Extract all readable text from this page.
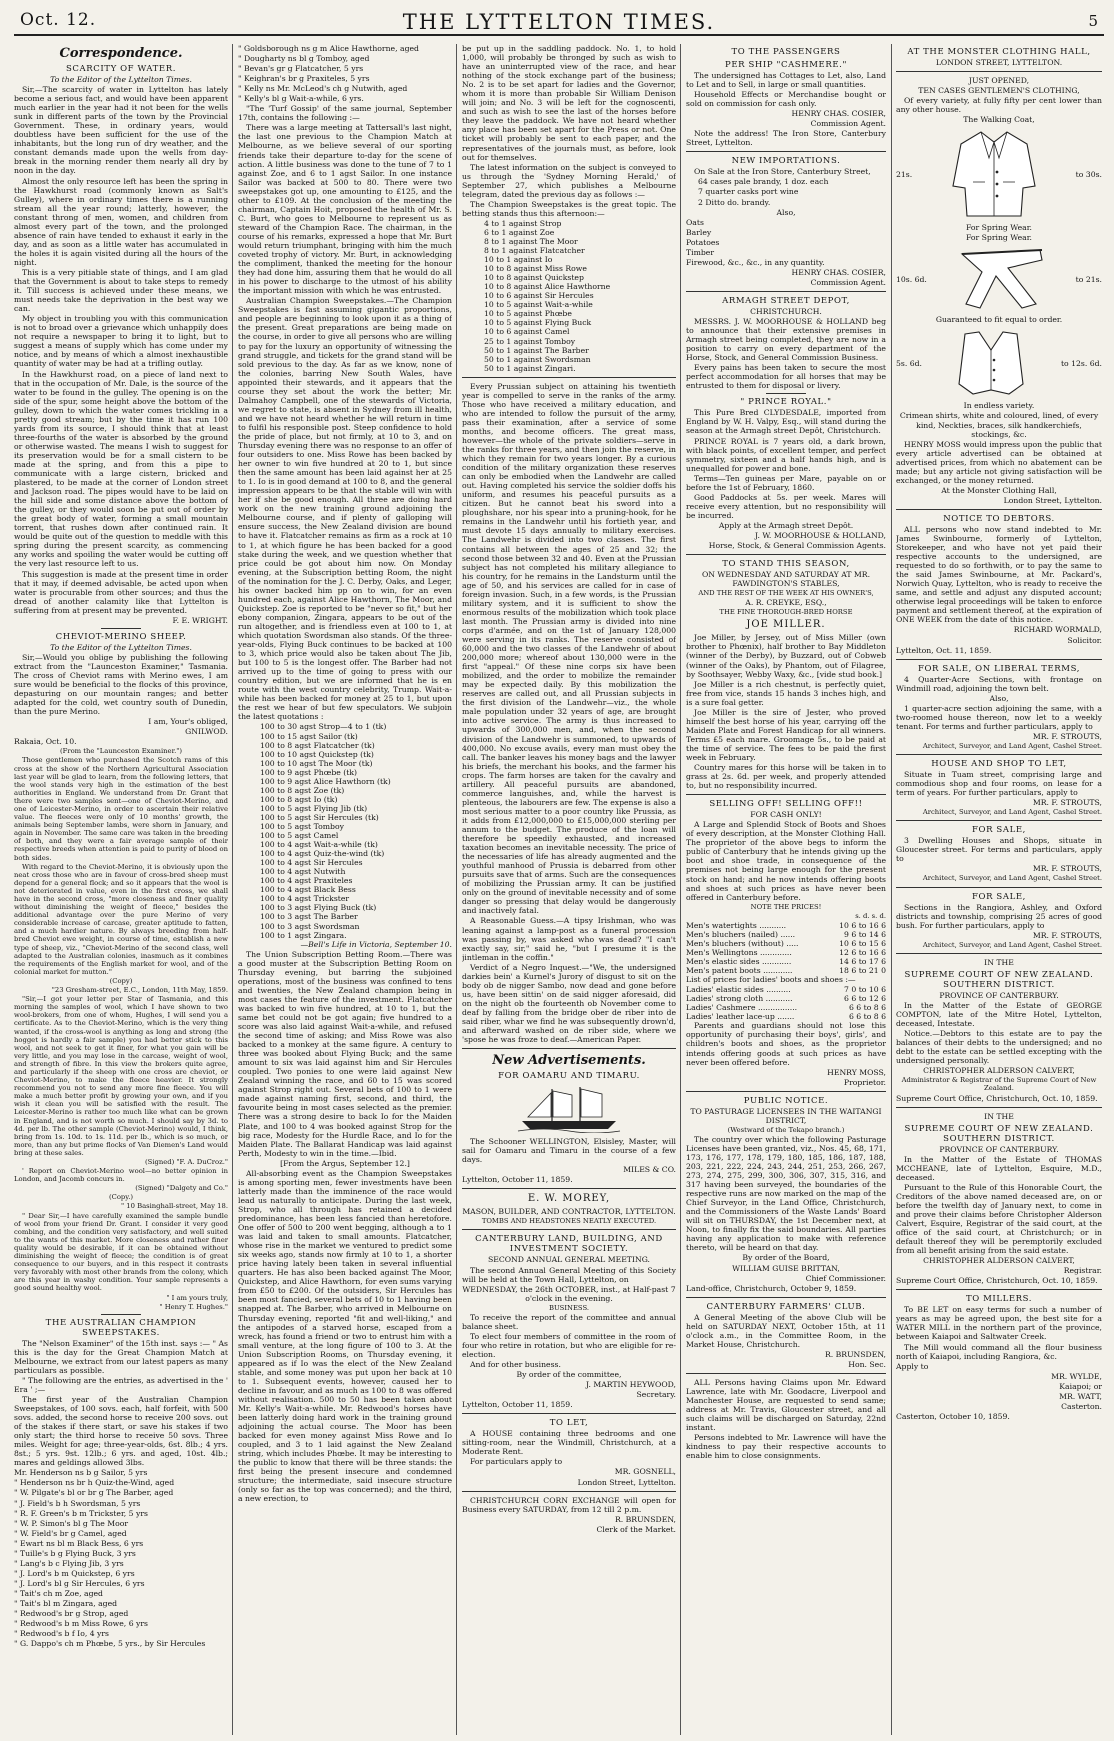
Oct. 12.	THE LYTTELTON TIMES.	5
Correspondence.
SCARCITY OF WATER.

To the Editor of the Lyttelton Times.

Sir,—The scarcity of water in Lyttelton has lately become a serious fact, and would have been apparent much earlier in the year had it not been for the wells sunk in different parts of the town by the Provincial Government. These, in ordinary years, would doubtless have been sufficient for the use of the inhabitants, but the long run of dry weather, and the constant demands made upon the wells from day-break in the morning render them nearly all dry by noon in the day.

Almost the only resource left has been the spring in the Hawkhurst road (commonly known as Salt's Gulley), where in ordinary times there is a running stream all the year round; latterly, however, the constant throng of men, women, and children from almost every part of the town, and the prolonged absence of rain have tended to exhaust it early in the day, and as soon as a little water has accumulated in the holes it is again visited during all the hours of the night.

This is a very pitiable state of things, and I am glad that the Government is about to take steps to remedy it. Till success is achieved under these means, we must needs take the deprivation in the best way we can.

My object in troubling you with this communication is not to broad over a grievance which unhappily does not require a newspaper to bring it to light, but to suggest a means of supply which has come under my notice, and by means of which a almost inexhaustible quantity of water may be had at a trifling outlay.

In the Hawkhurst road, on a piece of land next to that in the occupation of Mr. Dale, is the source of the water to be found in the gulley. The opening is on the side of the spur, some height above the bottom of the gulley, down to which the water comes trickling in a pretty good stream; but by the time it has run 100 yards from its source, I should think that at least three-fourths of the water is absorbed by the ground or otherwise wasted. The means I wish to suggest for its preservation would be for a small cistern to be made at the spring, and from this a pipe to communicate with a large cistern, bricked and plastered, to be made at the corner of London street and Jackson road. The pipes would have to be laid on the hill side and some distance above the bottom of the gulley, or they would soon be put out of order by the great body of water, forming a small mountain torrent, that rushes down after continued rain. It would be quite out of the question to meddle with this spring during the present scarcity, as commencing any works and spoiling the water would be cutting off the very last resource left to us.

This suggestion is made at the present time in order that it may, if deemed advisable, be acted upon when water is procurable from other sources; and thus the dread of another calamity like that Lyttelton is suffering from at present may be prevented.

F. E. WRIGHT.

CHEVIOT-MERINO SHEEP.

To the Editor of the Lyttelton Times.

Sir,—Would you oblige by publishing the following extract from the "Launceston Examiner," Tasmania. The cross of Cheviot rams with Merino ewes, I am sure would be beneficial to the flocks of this province, depasturing on our mountain ranges; and better adapted for the cold, wet country south of Dunedin, than the pure Merino.

I am, Your's obliged,

GNILWOD.

Rakaia, Oct. 10.

(From the "Launceston Examiner.")

Those gentlemen who purchased the Scotch rams of this cross at the show of the Northern Agricultural Association last year will be glad to learn, from the following letters, that the wool stands very high in the estimation of the best authorities in England. We understand from Dr. Grant that there were two samples sent—one of Cheviot-Merino, and one of Leicester-Merino, in order to ascertain their relative value. The fleeces were only of 10 months' growth, the animals being September lambs, were shorn in January, and again in November. The same care was taken in the breeding of both, and they were a fair average sample of their respective breeds when attention is paid to purity of blood on both sides.

With regard to the Cheviot-Merino, it is obviously upon the neat cross those who are in favour of cross-bred sheep must depend for a general flock; and so it appears that the wool is not deteriorated in value, even in the first cross, we shall have in the second cross, "more closeness and finer quality without diminishing the weight of fleece," besides the additional advantage over the pure Merino of very considerable increase of carcase, greater aptitude to fatten, and a much hardier nature. By always breeding from half-bred Cheviot ewe weight, in course of time, establish a new type of sheep, viz., "Cheviot-Merino of the second class, well adapted to the Australian colonies, inasmuch as it combines the requirements of the English market for wool, and of the colonial market for mutton."

(Copy)

"23 Gresham-street, E.C., London, 11th May, 1859.

"Sir,—I got your letter per Star of Tasmania, and this morning the samples of wool, which I have shown to two wool-brokers, from one of whom, Hughes, I will send you a certificate. As to the Cheviot-Merino, which is the very thing wanted, if the cross-wool is anything as long and strong (the hogget is hardly a fair sample) you had better stick to this wool, and not seek to get it finer, for what you gain will be very little, and you may lose in the carcase, weight of wool, and strength of fibre. In this view the brokers quite agree, and particularly if the sheep with one cross are cheviot, or Cheviot-Merino, to make the fleece heavier. It strongly recommend you not to send any more fine fleece. You will make a much better profit by growing your own, and if you wish it clean you will be satisfied with the result. The Leicester-Merino is rather too much like what can be grown in England, and is not worth so much. I should say by 3d. to 4d. per lb. The other sample (Cheviot-Merino) would, I think, bring from 1s. 10d. to 1s. 11d. per lb., which is so much, or more, than any but prime flocks of Van Diemen's Land would bring at these sales.

(Signed) "F. A. DuCroz."

' Report on Cheviot-Merino wool—no better opinion in London, and Jacomb concurs in.

(Signed) "Dalgety and Co."

(Copy.)

" 10 Basinghall-street, May 18.

" Dear Sir,—I have carefully examined the sample bundle of wool from your friend Dr. Grant. I consider it very good combing, and the condition very satisfactory, and well suited to the wants of this market. More closeness and rather finer quality would be desirable, if it can be obtained without diminishing the weight of fleece; the condition is of great consequence to our buyers, and in this respect it contrasts very favorably with most other brands from the colony, which are this year in washy condition. Your sample represents a good sound healthy wool.

" I am yours truly,

" Henry T. Hughes."

THE AUSTRALIAN CHAMPION SWEEPSTAKES.

The "Nelson Examiner" of the 15th inst. says :— " As this is the day for the Great Champion Match at Melbourne, we extract from our latest papers as many particulars as possible.

" The following are the entries, as advertised in the ' Era ' ;—

The first year of the Australian Champion Sweepstakes, of 100 sovs. each, half forfeit, with 500 sovs. added, the second horse to receive 200 sovs. out of the stakes if there start, or save his stakes if two only start; the third horse to receive 50 sovs. Three miles. Weight for age; three-year-olds, 6st. 8lb.; 4 yrs. 8st.; 5 yrs. 9st. 12lb.; 6 yrs. and aged, 10st. 4lb.; mares and geldings allowed 3lbs.

Mr. Henderson ns b g Sailor, 5 yrs

" Henderson ns br h Quiz-the-Wind, aged

" W. Pilgate's bl or br g The Barber, aged

" J. Field's b h Swordsman, 5 yrs

" R. F. Green's b m Trickster, 5 yrs

" W. P. Simon's bl g The Moor

" W. Field's br g Camel, aged

" Ewart ns bl m Black Bess, 6 yrs

" Tuille's b g Flying Buck, 3 yrs

" Lang's b c Flying Jib, 3 yrs

" J. Lord's b m Quickstep, 6 yrs

" J. Lord's bl g Sir Hercules, 6 yrs

" Tait's ch m Zoe, aged

" Tait's bl m Zingara, aged

" Redwood's br g Strop, aged

" Redwood's b m Miss Rowe, 6 yrs

" Redwood's b f Io, 4 yrs

" G. Dappo's ch m Phœbe, 5 yrs., by Sir Hercules

" Goldsborough ns g m Alice Hawthorne, aged

" Dougharty ns bl g Tomboy, aged

" Bevan's gr g Flatcatcher, 5 yrs

" Keighran's br g Praxiteles, 5 yrs

" Kelly ns Mr. McLeod's ch g Nutwith, aged

" Kelly's bl g Wait-a-while, 6 yrs.

"The 'Turf Gossip' of the same journal, September 17th, contains the following :—

There was a large meeting at Tattersall's last night, the last one previous to the Champion Match at Melbourne, as we believe several of our sporting friends take their departure to-day for the scene of action. A little business was done to the tune of 7 to 1 against Zoe, and 6 to 1 agst Sailor. In one instance Sailor was backed at 500 to 80. There were two sweepstakes got up, one amounting to £125, and the other to £109. At the conclusion of the meeting the chairman, Captain Hoit, proposed the health of Mr. S. C. Burt, who goes to Melbourne to represent us as steward of the Champion Race. The chairman, in the course of his remarks, expressed a hope that Mr. Burt would return triumphant, bringing with him the much coveted trophy of victory. Mr. Burt, in acknowledging the compliment, thanked the meeting for the honour they had done him, assuring them that he would do all in his power to discharge to the utmost of his ability the important mission with which he was entrusted.

Australian Champion Sweepstakes.—The Champion Sweepstakes is fast assuming gigantic proportions, and people are beginning to look upon it as a thing of the present. Great preparations are being made on the course, in order to give all persons who are willing to pay for the luxury an opportunity of witnessing the grand struggle, and tickets for the grand stand will be sold previous to the day. As far as we know, none of the colonies, barring New South Wales, have appointed their stewards, and it appears that the course they set about the work the better; Mr. Dalmahoy Campbell, one of the stewards of Victoria, we regret to state, is absent in Sydney from ill health, and we have not heard whether he will return in time to fulfil his responsible post. Steep confidence to hold the pride of place, but not firmly, at 10 to 3, and on Thursday evening there was no response to an offer of four outsiders to one. Miss Rowe has been backed by her owner to win five hundred at 20 to 1, but since then the same amount has been laid against her at 25 to 1. Io is in good demand at 100 to 8, and the general impression appears to be that the stable will win with her if she be good enough. All three are doing hard work on the new training ground adjoining the Melbourne course, and if plenty of galloping will ensure success, the New Zealand division are bound to have it. Flatcatcher remains as firm as a rock at 10 to 1, at which figure he has been backed for a good stake during the week, and we question whether that price could be got about him now. On Monday evening, at the Subscription betting Room, the night of the nomination for the J. C. Derby, Oaks, and Leger, his owner backed him pp on to win, for an even hundred each, against Alice Hawthorn, The Moor, and Quickstep. Zoe is reported to be "never so fit," but her ebony companion, Zingara, appears to be out of the run altogether, and is friendless even at 100 to 1, at which quotation Swordsman also stands. Of the three-year-olds, Flying Buck continues to be backed at 100 to 3, which price would also be taken about The Jib, but 100 to 5 is the longest offer. The Barber had not arrived up to the time of going to press with our country edition, but we are informed that he is en route with the west country celebrity, Trump. Wait-a-while has been backed for money at 25 to 1, but upon the rest we hear of but few speculators. We subjoin the latest quotations :

100 to 30 agst Strop—4 to 1 (tk)
100 to 15 agst Sailor (tk)
100 to 8 agst Flatcatcher (tk)
100 to 10 agst Quickstep (tk)
100 to 10 agst The Moor (tk)
100 to 9 agst Phœbe (tk)
100 to 9 agst Alice Hawthorn (tk)
100 to 8 agst Zoe (tk)
100 to 8 agst Io (tk)
100 to 5 agst Flying Jib (tk)
100 to 5 agst Sir Hercules (tk)
100 to 5 agst Tomboy
100 to 5 agst Camel
100 to 4 agst Wait-a-while (tk)
100 to 4 agst Quiz-the-wind (tk)
100 to 4 agst Sir Hercules
100 to 4 agst Nutwith
100 to 4 agst Praxiteles
100 to 4 agst Black Bess
100 to 4 agst Trickster
100 to 3 agst Flying Buck (tk)
100 to 3 agst The Barber
100 to 3 agst Swordsman
100 to 1 agst Zingara.

—Bell's Life in Victoria, September 10.

The Union Subscription Betting Room.—There was a good muster at the Subscription Betting Room on Thursday evening, but barring the subjoined operations, most of the business was confined to tens and twenties, the New Zealand champion being in most cases the feature of the investment. Flatcatcher was backed to win five hundred, at 10 to 1, but the same bet could not be got again; five hundred to a score was also laid against Wait-a-while, and refused the second time of asking; and Miss Rowe was also backed to a monkey at the same figure. A century to three was booked about Flying Buck; and the same amount to six was laid against him and Sir Hercules coupled. Two ponies to one were laid against New Zealand winning the race, and 60 to 15 was scored against Strop right out. Several bets of 100 to 1 were made against naming first, second, and third, the favourite being in most cases selected as the premier. There was a strong desire to back Io for the Maiden Plate, and 100 to 4 was booked against Strop for the big race, Modesty for the Hurdle Race, and Io for the Maiden Plate. The Ballarat Handicap was laid against Perth, Modesty to win in the time.—Ibid.

[From the Argus, September 12.]

All-absorbing event as the Champion Sweepstakes is among sporting men, fewer investments have been latterly made than the imminence of the race would lead us naturally to anticipate. During the last week, Strop, who all through has retained a decided predominance, has been less fancied than heretofore. One offer of 500 to 200 went begging, although a to 1 was laid and taken to small amounts. Flatcatcher, whose rise in the market we ventured to predict some six weeks ago, stands now firmly at 10 to 1, a shorter price having lately been taken in several influential quarters. He has also been backed against The Moor, Quickstep, and Alice Hawthorn, for even sums varying from £50 to £200. Of the outsiders, Sir Hercules has been most fancied, several bets of 10 to 1 having been snapped at. The Barber, who arrived in Melbourne on Thursday evening, reported "fit and well-liking," and the antipodes of a starved horse, escaped from a wreck, has found a friend or two to entrust him with a small venture, at the long figure of 100 to 3. At the Union Subscription Rooms, on Thursday evening, it appeared as if Io was the elect of the New Zealand stable, and some money was put upon her back at 10 to 1. Subsequent events, however, caused her to decline in favour, and as much as 100 to 8 was offered without realisation. 500 to 50 has been taken about Mr. Kelly's Wait-a-while. Mr. Redwood's horses have been latterly doing hard work in the training ground adjoining the actual course. The Moor has been backed for even money against Miss Rowe and Io coupled, and 3 to 1 laid against the New Zealand string, which includes Phœbe. It may be interesting to the public to know that there will be three stands: the first being the present insecure and condemned structure; the intermediate, said insecure structure (only so far as the top was concerned); and the third, a new erection, to

be put up in the saddling paddock. No. 1, to hold 1,000, will probably be thronged by such as wish to have an uninterrupted view of the race, and hear nothing of the stock exchange part of the business; No. 2 is to be set apart for ladies and the Governor, whom it is more than probable Sir William Denison will join; and No. 3 will be left for the cognoscenti, and such as wish to see the last of the horses before they leave the paddock. We have not heard whether any place has been set apart for the Press or not. One ticket will probably be sent to each paper, and the representatives of the journals must, as before, look out for themselves.

The latest information on the subject is conveyed to us through the 'Sydney Morning Herald,' of September 27, which publishes a Melbourne telegram, dated the previous day as follows :—

The Champion Sweepstakes is the great topic. The betting stands thus this afternoon:—

4 to 1 against Strop
6 to 1 against Zoe
8 to 1 against The Moor
8 to 1 against Flatcatcher
10 to 1 against Io
10 to 8 against Miss Rowe
10 to 8 against Quickstep
10 to 8 against Alice Hawthorne
10 to 6 against Sir Hercules
10 to 5 against Wait-a-while
10 to 5 against Phœbe
10 to 5 against Flying Buck
10 to 6 against Camel
25 to 1 against Tomboy
50 to 1 against The Barber
50 to 1 against Swordsman
50 to 1 against Zingari.

Every Prussian subject on attaining his twentieth year is compelled to serve in the ranks of the army. Those who have received a military education, and who are intended to follow the pursuit of the army, pass their examination, after a service of some months, and become officers. The great mass, however—the whole of the private soldiers—serve in the ranks for three years, and then join the reserve, in which they remain for two years longer. By a curious condition of the military organization these reserves can only be embodied when the Landwehr are called out. Having completed his service the soldier doffs his uniform, and resumes his peaceful pursuits as a citizen. But he cannot beat his sword into a ploughshare, nor his spear into a pruning-hook, for he remains in the Landwehr until his fortieth year, and must devote 15 days annually to military exercises. The Landwehr is divided into two classes. The first contains all between the ages of 25 and 32; the second those between 32 and 40. Even at the Prussian subject has not completed his military allegiance to his country, for he remains in the Landsturm until the age of 50, and his services are called for in case of foreign invasion. Such, in a few words, is the Prussian military system, and it is sufficient to show the enormous results of the mobilization which took place last month. The Prussian army is divided into nine corps d'armée, and on the 1st of January 128,000 were serving in its ranks. The reserve consisted of 60,000 and the two classes of the Landwehr of about 200,000 more; whereof about 130,000 were in the first "appeal." Of these nine corps six have been mobilized, and the order to mobilize the remainder may be expected daily. By this mobilization the reserves are called out, and all Prussian subjects in the first division of the Landwehr—viz., the whole male population under 32 years of age, are brought into active service. The army is thus increased to upwards of 300,000 men, and, when the second division of the Landwehr is summoned, to upwards of 400,000. No excuse avails, every man must obey the call. The banker leaves his money bags and the lawyer his briefs, the merchant his books, and the farmer his crops. The farm horses are taken for the cavalry and artillery. All peaceful pursuits are abandoned, commerce languishes, and, while the harvest is plenteous, the labourers are few. The expense is also a most serious matter to a poor country like Prussia, as it adds from £12,000,000 to £15,000,000 sterling per annum to the budget. The produce of the loan will therefore be speedily exhausted, and increased taxation becomes an inevitable necessity. The price of the necessaries of life has already augmented and the youthful manhood of Prussia is debarred from other pursuits save that of arms. Such are the consequences of mobilizing the Prussian army. It can be justified only on the ground of inevitable necessity and of some danger so pressing that delay would be dangerously and inactively fatal.

A Reasonable Guess.—A tipsy Irishman, who was leaning against a lamp-post as a funeral procession was passing by, was asked who was dead? "I can't exactly say, sir," said he, "but I presume it is the jintleman in the coffin."

Verdict of a Negro Inquest.—"We, the undersigned darkies bein' a Kurnel's Jurory of disgust to sit on the body ob de nigger Sambo, now dead and gone before us, have been sittin' on de said nigger aforesaid, did on the night ob the fourteenth ob November come to deaf by falling from the bridge ober de riber into de said riber, whar we find he was subsequently drown'd, and afterward washed on de riber side, where we 'spose he was froze to deaf.—American Paper.

New Advertisements.
FOR OAMARU AND TIMARU.

The Schooner WELLINGTON, Elsisley, Master, will sail for Oamaru and Timaru in the course of a few days.

MILES & CO.

Lyttelton, October 11, 1859.

E. W. MOREY,

MASON, BUILDER, AND CONTRACTOR, LYTTELTON.

TOMBS AND HEADSTONES NEATLY EXECUTED.

CANTERBURY LAND, BUILDING, AND INVESTMENT SOCIETY.

SECOND ANNUAL GENERAL MEETING.

The second Annual General Meeting of this Society will be held at the Town Hall, Lyttelton, on

WEDNESDAY, the 26th OCTOBER, inst., at Half-past 7 o'clock in the evening.

BUSINESS.

To receive the report of the committee and annual balance sheet.

To elect four members of committee in the room of four who retire in rotation, but who are eligible for re-election.

And for other business.

By order of the committee,

J. MARTIN HEYWOOD,

Secretary.

Lyttelton, October 11, 1859.

TO LET,

A HOUSE containing three bedrooms and one sitting-room, near the Windmill, Christchurch, at a Moderate Rent.

For particulars apply to

MR. GOSNELL,

London Street, Lyttelton.

CHRISTCHURCH CORN EXCHANGE will open for Business every SATURDAY, from 12 till 2 p.m.

R. BRUNSDEN,

Clerk of the Market.

TO THE PASSENGERS
PER SHIP "CASHMERE."

The undersigned has Cottages to Let, also, Land to Let and to Sell, in large or small quantities.

Household Effects or Merchandise bought or sold on commission for cash only.

HENRY CHAS. COSIER,

Commission Agent.

Note the address! The Iron Store, Canterbury Street, Lyttelton.

NEW IMPORTATIONS.

On Sale at the Iron Store, Canterbury Street,

64 cases pale brandy, 1 doz. each

7 quarter casks port wine

2 Ditto do. brandy.

Also,

Oats

Barley

Potatoes

Timber

Firewood, &c., &c., in any quantity.

HENRY CHAS. COSIER,

Commission Agent.

ARMAGH STREET DEPOT,

CHRISTCHURCH.

MESSRS. J. W. MOORHOUSE & HOLLAND beg to announce that their extensive premises in Armagh street being completed, they are now in a position to carry on every department of the Horse, Stock, and General Commission Business.

Every pains has been taken to secure the most perfect accommodation for all horses that may be entrusted to them for disposal or livery.

" PRINCE ROYAL."

This Pure Bred CLYDESDALE, imported from England by W. H. Valpy, Esq., will stand during the season at the Armagh street Depôt, Christchurch.

PRINCE ROYAL is 7 years old, a dark brown, with black points, of excellent temper, and perfect symmetry, sixteen and a half hands high, and is unequalled for power and bone.

Terms—Ten guineas per Mare, payable on or before the 1st of February, 1860.

Good Paddocks at 5s. per week. Mares will receive every attention, but no responsibility will be incurred.

Apply at the Armagh street Depôt.

J. W. MOORHOUSE & HOLLAND,

Horse, Stock, & General Commission Agents.

TO STAND THIS SEASON,

ON WEDNESDAY AND SATURDAY AT MR. FAWDINGTON'S STABLES,

AND THE REST OF THE WEEK AT HIS OWNER'S,

A. R. CREYKE, ESQ.,

THE FINE THOROUGH-BRED HORSE

JOE MILLER.

Joe Miller, by Jersey, out of Miss Miller (own brother to Phœnix), half brother to Bay Middleton (winner of the Derby), by Buzzard, out of Cobweb (winner of the Oaks), by Phantom, out of Filagree, by Soothsayer, Webby Waxy, &c., [vide stud book.]

Joe Miller is a rich chestnut, is perfectly quiet, free from vice, stands 15 hands 3 inches high, and is a sure foal getter.

Joe Miller is the sire of Jester, who proved himself the best horse of his year, carrying off the Maiden Plate and Forest Handicap for all winners. Terms £5 each mare. Groomage 5s., to be paid at the time of service. The fees to be paid the first week in February.

Country mares for this horse will be taken in to grass at 2s. 6d. per week, and properly attended to, but no responsibility incurred.

SELLING OFF! SELLING OFF!!

FOR CASH ONLY!

A Large and Splendid Stock of Boots and Shoes of every description, at the Monster Clothing Hall. The proprietor of the above begs to inform the public of Canterbury that he intends giving up the boot and shoe trade, in consequence of the premises not being large enough for the present stock on hand; and he now intends offering boots and shoes at such prices as have never been offered in Canterbury before.

NOTE THE PRICES!

s. d. s. d.

Men's watertights ...........	10 6 to 16 6
Men's bluchers (nailed) ......	9 6 to 14 6
Men's bluchers (without) .....	10 6 to 15 6
Men's Wellingtons .............	12 6 to 16 6
Men's elastic sides ............	14 6 to 17 6
Men's patent boots ............	18 6 to 21 0

List of prices for ladies' boots and shoes :—

Ladies' elastic sides ..........	7 0 to 10 6
Ladies' strong cloth ...........	6 6 to 12 6
Ladies' Cashmere ................	6 6 to 8 6
Ladies' leather lace-up .......	6 6 to 8 6

Parents and guardians should not lose this opportunity of purchasing their boys', girls', and children's boots and shoes, as the proprietor intends offering goods at such prices as have never been offered before.

HENRY MOSS,

Proprietor.

PUBLIC NOTICE.

TO PASTURAGE LICENSEES IN THE WAITANGI DISTRICT,

(Westward of the Tekapo branch.)

The country over which the following Pasturage Licenses have been granted, viz., Nos. 45, 68, 171, 173, 176, 177, 178, 179, 180, 185, 186, 187, 188, 203, 221, 222, 224, 243, 244, 251, 253, 266, 267, 273, 274, 275, 299, 300, 306, 307, 315, 316, and 317 having been surveyed, the boundaries of the respective runs are now marked on the map of the Chief Surveyor, in the Land Office, Christchurch, and the Commissioners of the Waste Lands' Board will sit on THURSDAY, the 1st December next, at Noon, to finally fix the said boundaries. All parties having any application to make with reference thereto, will be heard on that day.

By order of the Board,

WILLIAM GUISE BRITTAN,

Chief Commissioner.

Land-office, Christchurch, October 9, 1859.

CANTERBURY FARMERS' CLUB.

A General Meeting of the above Club will be held on SATURDAY NEXT, October 15th, at 11 o'clock a.m., in the Committee Room, in the Market House, Christchurch.

R. BRUNSDEN,

Hon. Sec.

ALL Persons having Claims upon Mr. Edward Lawrence, late with Mr. Goodacre, Liverpool and Manchester House, are requested to send same; address at Mr. Travis, Gloucester street, and all such claims will be discharged on Saturday, 22nd instant.

Persons indebted to Mr. Lawrence will have the kindness to pay their respective accounts to enable him to close consignments.

AT THE MONSTER CLOTHING HALL,

LONDON STREET, LYTTELTON.

JUST OPENED,

TEN CASES GENTLEMEN'S CLOTHING,

Of every variety, at fully fifty per cent lower than any other house.

The Walking Coat,

21s.	to 30s.

For Spring Wear.

For Spring Wear.

10s. 6d.	to 21s.

Guaranteed to fit equal to order.

5s. 6d.	to 12s. 6d.

In endless variety.

Crimean shirts, white and coloured, lined, of every kind, Neckties, braces, silk handkerchiefs, stockings, &c.

HENRY MOSS would impress upon the public that every article advertised can be obtained at advertised prices, from which no abatement can be made; but any article not giving satisfaction will be exchanged, or the money returned.

At the Monster Clothing Hall,

London Street, Lyttelton.

NOTICE TO DEBTORS.

ALL persons who now stand indebted to Mr. James Swinbourne, formerly of Lyttelton, Storekeeper, and who have not yet paid their respective accounts to the undersigned, are requested to do so forthwith, or to pay the same to the said James Swinbourne, at Mr. Packard's, Norwich Quay, Lyttelton, who is ready to receive the same, and settle and adjust any disputed account; otherwise legal proceedings will be taken to enforce payment and settlement thereof, at the expiration of ONE WEEK from the date of this notice.

RICHARD WORMALD,

Solicitor.

Lyttelton, Oct. 11, 1859.

FOR SALE, ON LIBERAL TERMS,

4 Quarter-Acre Sections, with frontage on Windmill road, adjoining the town belt.

Also,

1 quarter-acre section adjoining the same, with a two-roomed house thereon, now let to a weekly tenant. For terms and further particulars, apply to

MR. F. STROUTS,

Architect, Surveyor, and Land Agent, Cashel Street.

HOUSE AND SHOP TO LET,

Situate in Tuam street, comprising large and commodious shop and four rooms, on lease for a term of years. For further particulars, apply to

MR. F. STROUTS,

Architect, Surveyor, and Land Agent, Cashel Street.

FOR SALE,

3 Dwelling Houses and Shops, situate in Gloucester street. For terms and particulars, apply to

MR. F. STROUTS,

Architect, Surveyor, and Land Agent, Cashel Street.

FOR SALE,

Sections in the Rangiora, Ashley, and Oxford districts and township, comprising 25 acres of good bush. For further particulars, apply to

MR. F. STROUTS,

Architect, Surveyor, and Land Agent, Cashel Street.

IN THE

SUPREME COURT OF NEW ZEALAND. SOUTHERN DISTRICT.

PROVINCE OF CANTERBURY.

In the Matter of the Estate of GEORGE COMPTON, late of the Mitre Hotel, Lyttelton, deceased, Intestate.

Notice.—Debtors to this estate are to pay the balances of their debts to the undersigned; and no debt to the estate can be settled excepting with the undersigned personally.

CHRISTOPHER ALDERSON CALVERT,

Administrator & Registrar of the Supreme Court of New Zealand.

Supreme Court Office, Christchurch, Oct. 10, 1859.

IN THE

SUPREME COURT OF NEW ZEALAND. SOUTHERN DISTRICT.

PROVINCE OF CANTERBURY.

In the Matter of the Estate of THOMAS MCCHEANE, late of Lyttelton, Esquire, M.D., deceased.

Pursuant to the Rule of this Honorable Court, the Creditors of the above named deceased are, on or before the twelfth day of January next, to come in and prove their claims before Christopher Alderson Calvert, Esquire, Registrar of the said court, at the office of the said court, at Christchurch; or in default thereof they will be peremptorily excluded from all benefit arising from the said estate.

CHRISTOPHER ALDERSON CALVERT,

Registrar.

Supreme Court Office, Christchurch, Oct. 10, 1859.

TO MILLERS.

To BE LET on easy terms for such a number of years as may be agreed upon, the best site for a WATER MILL in the northern part of the province, between Kaiapoi and Saltwater Creek.

The Mill would command all the flour business north of Kaiapoi, including Rangiora, &c.

Apply to

MR. WYLDE,

Kaiapoi; or

MR. WATT,

Casterton.

Casterton, October 10, 1859.
